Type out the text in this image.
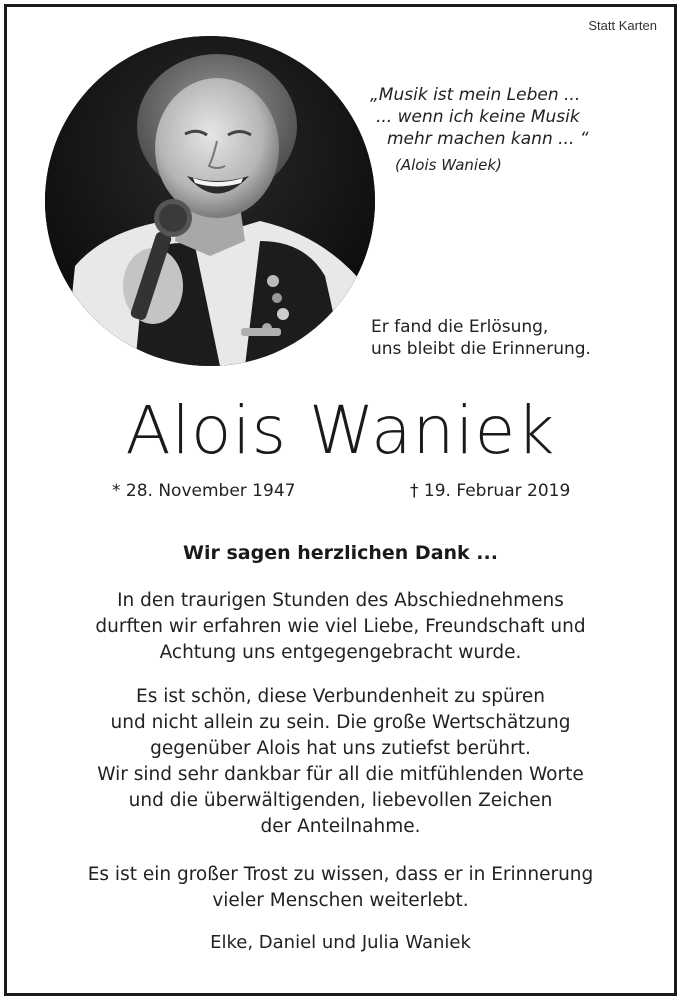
Statt Karten
„Musik ist mein Leben ...
... wenn ich keine Musik
mehr machen kann ... “
(Alois Waniek)
Er fand die Erlösung,
uns bleibt die Erinnerung.
Alois Waniek
* 28. November 1947	† 19. Februar 2019
Wir sagen herzlichen Dank ...
In den traurigen Stunden des Abschiednehmens
durften wir erfahren wie viel Liebe, Freundschaft und
Achtung uns entgegengebracht wurde.
Es ist schön, diese Verbundenheit zu spüren
und nicht allein zu sein. Die große Wertschätzung
gegenüber Alois hat uns zutiefst berührt.
Wir sind sehr dankbar für all die mitfühlenden Worte
und die überwältigenden, liebevollen Zeichen
der Anteilnahme.
Es ist ein großer Trost zu wissen, dass er in Erinnerung
vieler Menschen weiterlebt.
Elke, Daniel und Julia Waniek
